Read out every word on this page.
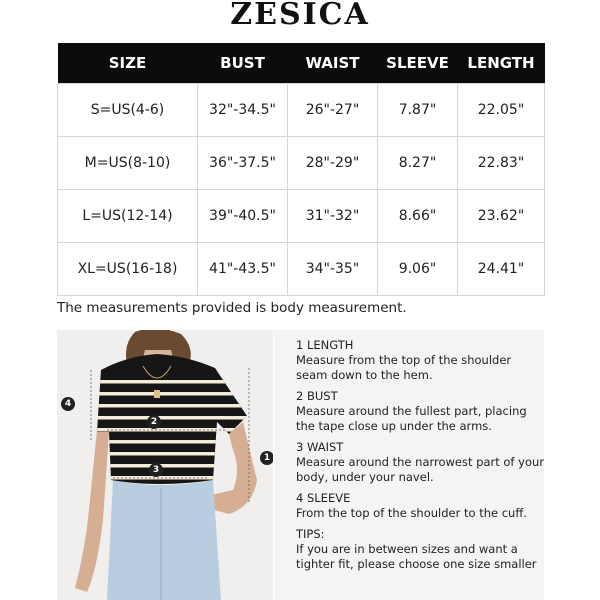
ZESICA
SIZE	BUST	WAIST	SLEEVE	LENGTH
S=US(4-6)	32"-34.5"	26"-27"	7.87"	22.05"
M=US(8-10)	36"-37.5"	28"-29"	8.27"	22.83"
L=US(12-14)	39"-40.5"	31"-32"	8.66"	23.62"
XL=US(16-18)	41"-43.5"	34"-35"	9.06"	24.41"
The measurements provided is body measurement.
1
2
3
4
1 LENGTH
Measure from the top of the shoulder seam down to the hem.
2 BUST
Measure around the fullest part, placing the tape close up under the arms.
3 WAIST
Measure around the narrowest part of your body, under your navel.
4 SLEEVE
From the top of the shoulder to the cuff.
TIPS:
If you are in between sizes and want a tighter fit, please choose one size smaller
